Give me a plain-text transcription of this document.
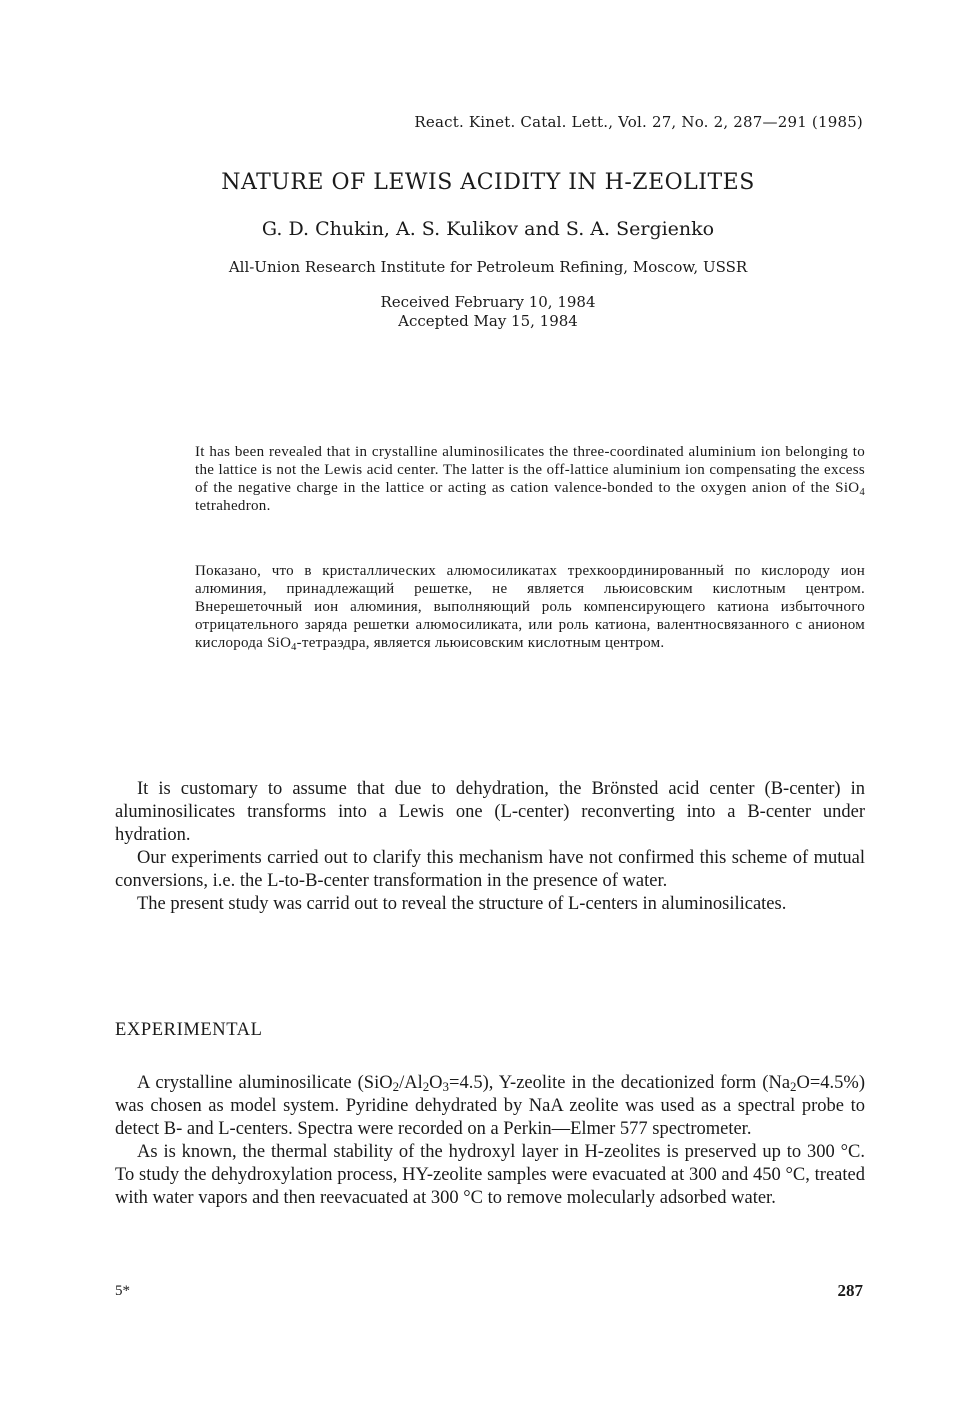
React. Kinet. Catal. Lett., Vol. 27, No. 2, 287—291 (1985)
NATURE OF LEWIS ACIDITY IN H-ZEOLITES

G. D. Chukin, A. S. Kulikov and S. A. Sergienko

All-Union Research Institute for Petroleum Refining, Moscow, USSR

Received February 10, 1984
Accepted May 15, 1984

It has been revealed that in crystalline aluminosilicates the three-coordinated aluminium ion belonging to the lattice is not the Lewis acid center. The latter is the off-lattice aluminium ion compensating the excess of the negative charge in the lattice or acting as cation valence-bonded to the oxygen anion of the SiO$_4$ tetrahedron.

Показано, что в кристаллических алюмосиликатах трехкоординированный по кислороду ион алюминия, принадлежащий решетке, не является льюисовским кислотным центром. Внерешеточный ион алюминия, выполняющий роль компенсирующего катиона избыточного отрицательного заряда решетки алюмосиликата, или роль катиона, валентносвязанного с анионом кислорода SiO$_4$-тетраэдра, является льюисовским кислотным центром.

It is customary to assume that due to dehydration, the Brönsted acid center (B-center) in aluminosilicates transforms into a Lewis one (L-center) reconverting into a B-center under hydration.

Our experiments carried out to clarify this mechanism have not confirmed this scheme of mutual conversions, i.e. the L-to-B-center transformation in the presence of water.

The present study was carrid out to reveal the structure of L-centers in aluminosilicates.

EXPERIMENTAL

A crystalline aluminosilicate $(SiO_2/Al_2O_3=4.5)$, Y-zeolite in the decationized form $(Na_2O=4.5\%)$ was chosen as model system. Pyridine dehydrated by NaA zeolite was used as a spectral probe to detect B- and L-centers. Spectra were recorded on a Perkin—Elmer 577 spectrometer.

As is known, the thermal stability of the hydroxyl layer in H-zeolites is preserved up to 300 °C. To study the dehydroxylation process, HY-zeolite samples were evacuated at 300 and 450 °C, treated with water vapors and then reevacuated at 300 °C to remove molecularly adsorbed water.

5*	287
